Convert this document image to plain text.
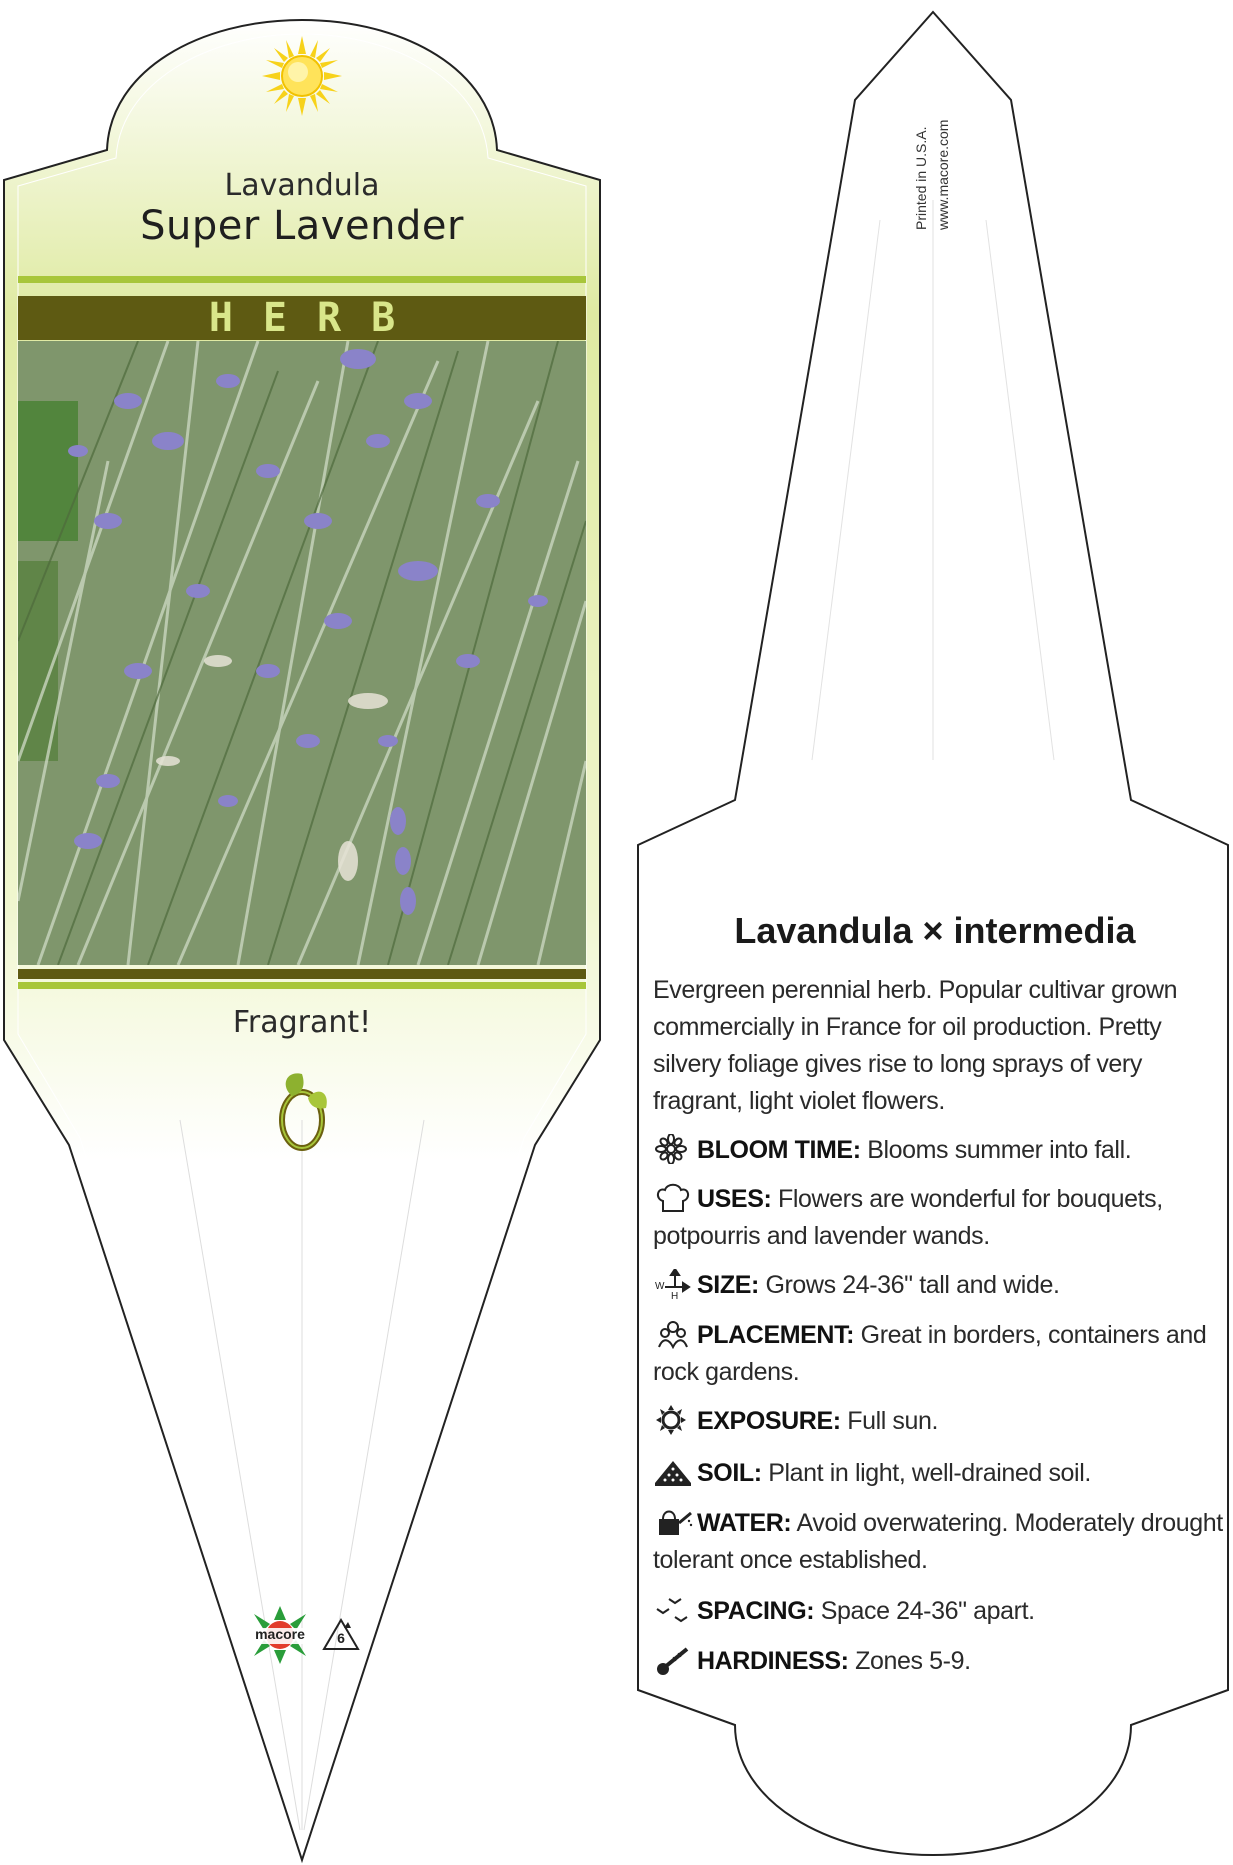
Lavandula
Super Lavender
H E R B
Fragrant!
macore	6
Printed in U.S.A. www.macore.com
Lavandula × intermedia
Evergreen perennial herb. Popular cultivar grown commercially in France for oil production. Pretty silvery foliage gives rise to long sprays of very fragrant, light violet flowers.
BLOOM TIME: Blooms summer into fall.
USES: Flowers are wonderful for bouquets, potpourris and lavender wands.
W
H SIZE: Grows 24-36" tall and wide.
PLACEMENT: Great in borders, containers and rock gardens.
EXPOSURE: Full sun.
SOIL: Plant in light, well-drained soil.
WATER: Avoid overwatering. Moderately drought tolerant once established.
SPACING: Space 24-36" apart.
HARDINESS: Zones 5-9.
